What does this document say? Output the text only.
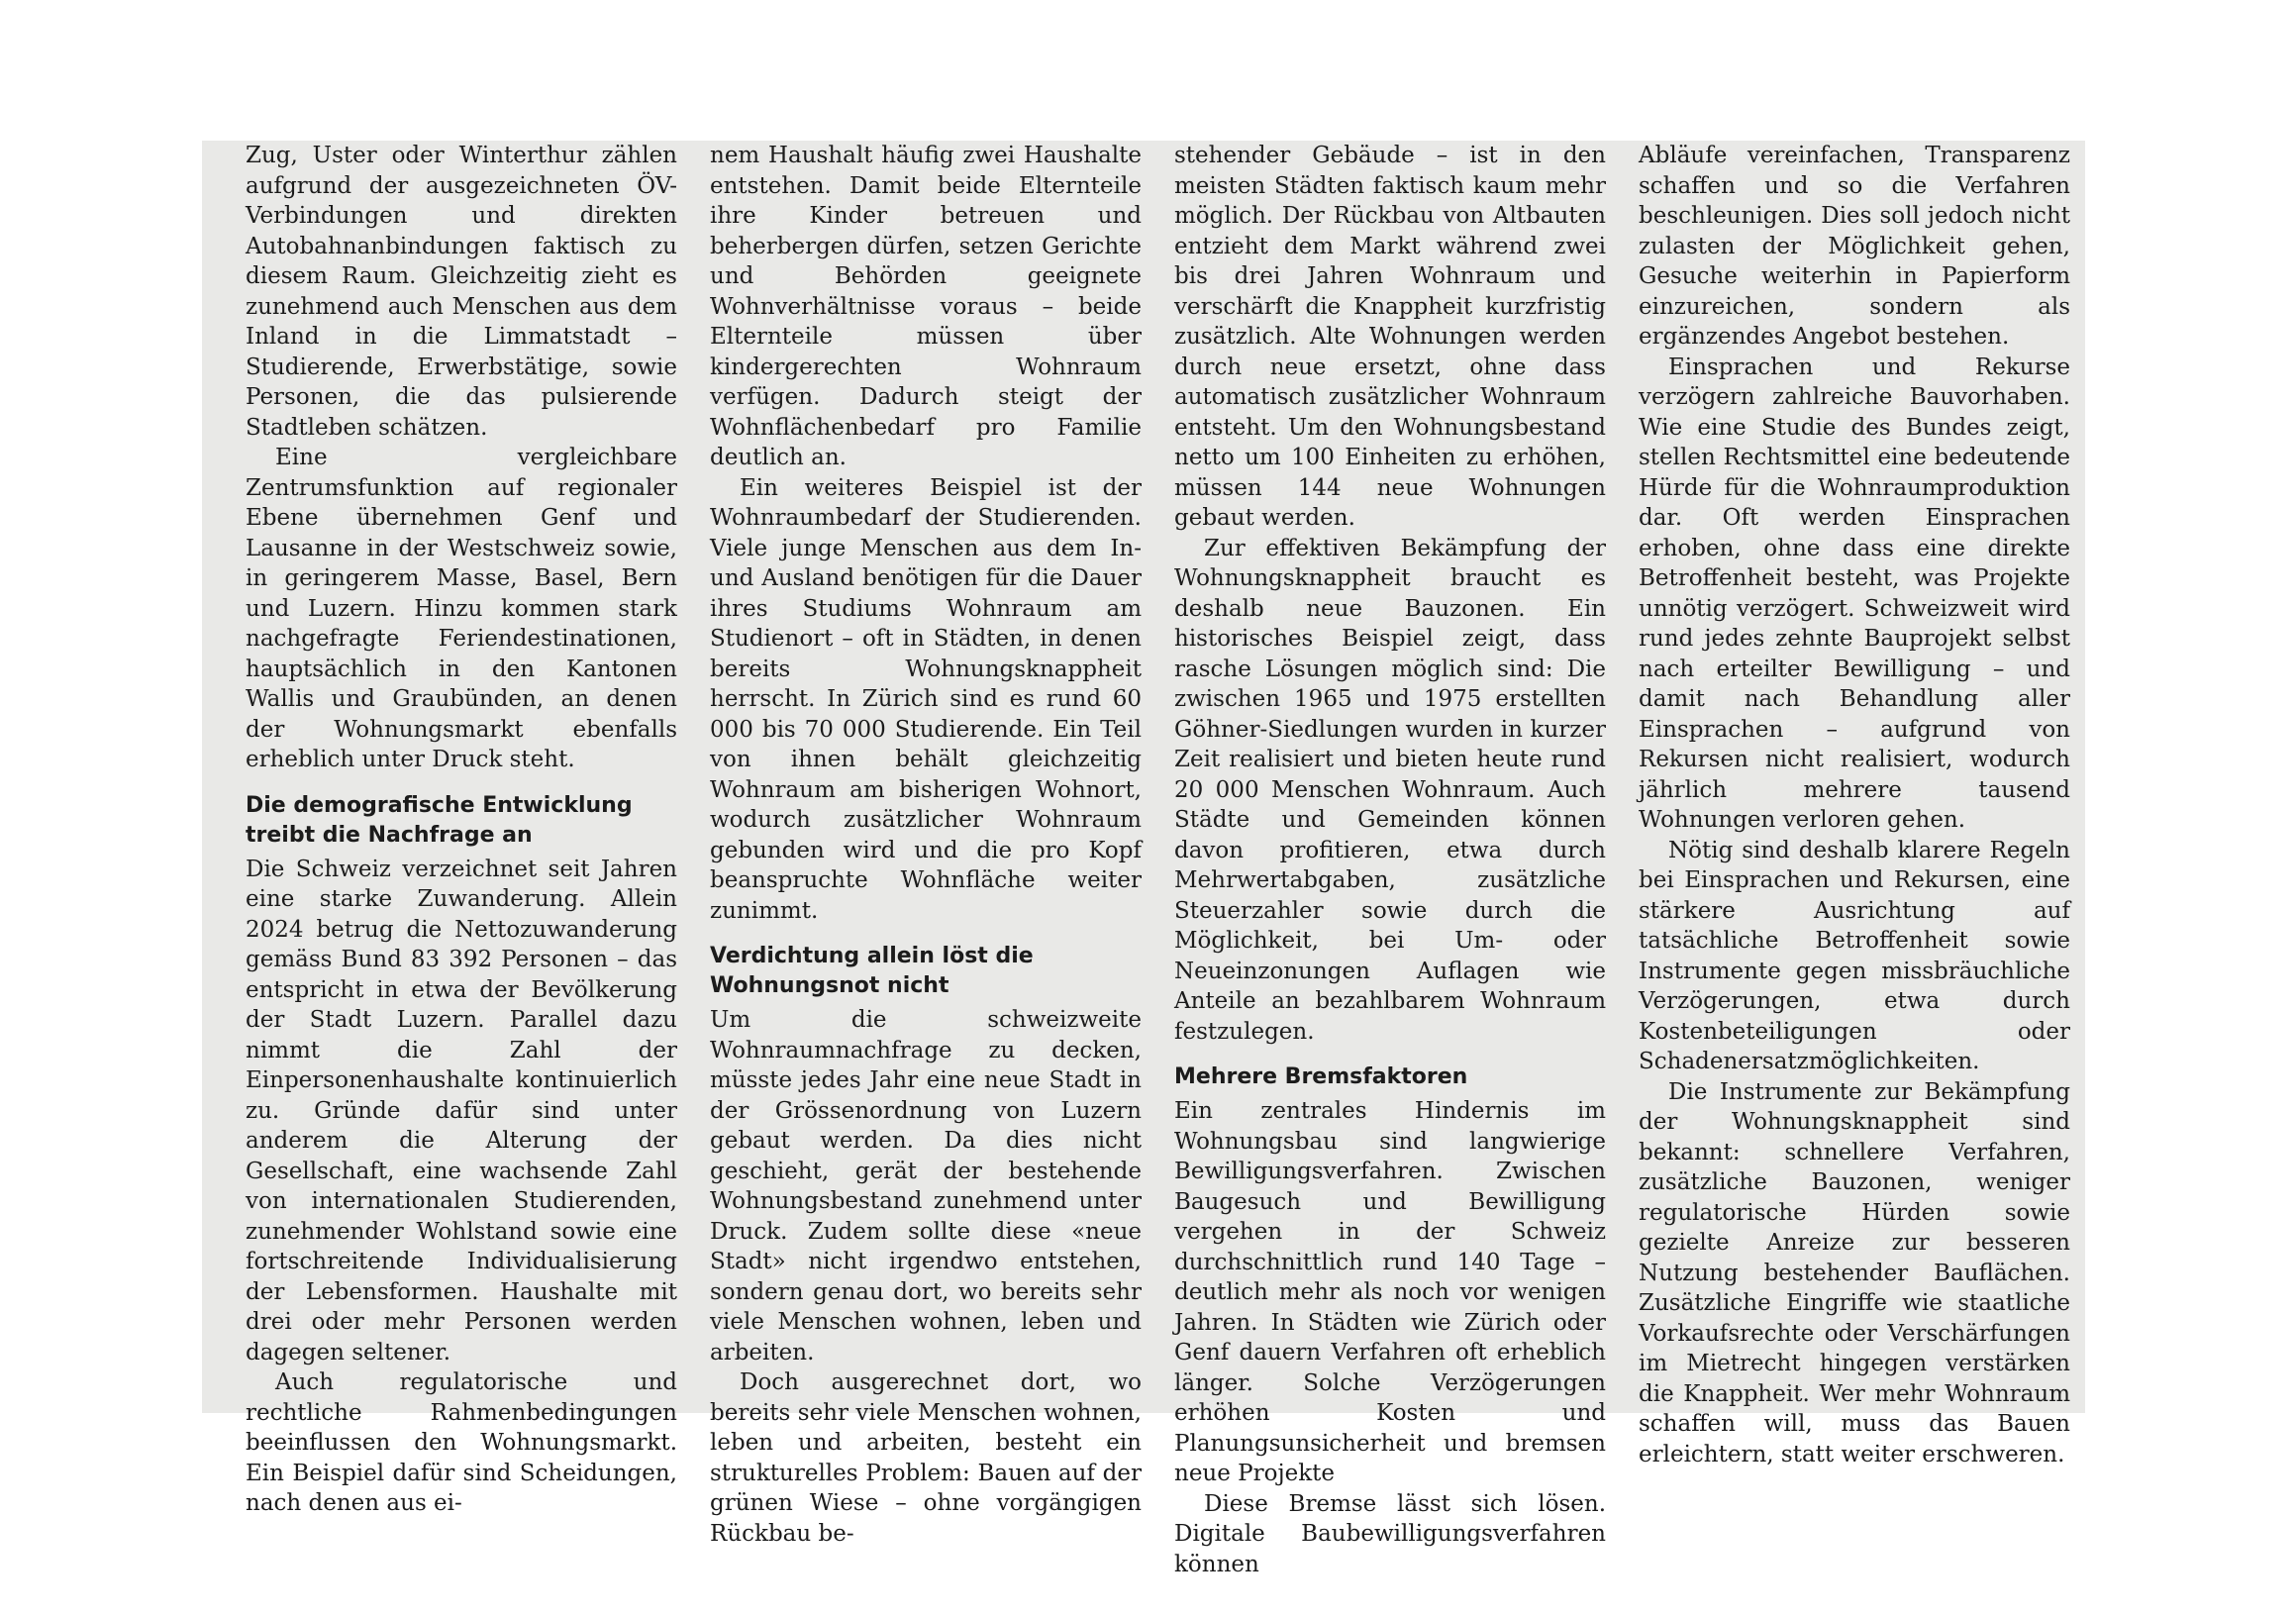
Zug, Uster oder Winterthur zählen aufgrund der ausgezeichneten ÖV-Verbindungen und direkten Autobahnanbindungen faktisch zu diesem Raum. Gleichzeitig zieht es zunehmend auch Menschen aus dem Inland in die Limmatstadt – Studierende, Erwerbstätige, sowie Personen, die das pulsierende Stadtleben schätzen.

Eine vergleichbare Zentrumsfunktion auf regionaler Ebene übernehmen Genf und Lausanne in der Westschweiz sowie, in geringerem Masse, Basel, Bern und Luzern. Hinzu kommen stark nachgefragte Feriendestinationen, hauptsächlich in den Kantonen Wallis und Graubünden, an denen der Wohnungsmarkt ebenfalls erheblich unter Druck steht.

Die demografische Entwicklung treibt die Nachfrage an

Die Schweiz verzeichnet seit Jahren eine starke Zuwanderung. Allein 2024 betrug die Nettozuwanderung gemäss Bund 83 392 Personen – das entspricht in etwa der Bevölkerung der Stadt Luzern. Parallel dazu nimmt die Zahl der Einpersonenhaushalte kontinuierlich zu. Gründe dafür sind unter anderem die Alterung der Gesellschaft, eine wachsende Zahl von internationalen Studierenden, zunehmender Wohlstand sowie eine fortschreitende Individualisierung der Lebensformen. Haushalte mit drei oder mehr Personen werden dagegen seltener.

Auch regulatorische und rechtliche Rahmenbedingungen beeinflussen den Wohnungsmarkt. Ein Beispiel dafür sind Scheidungen, nach denen aus ei-

nem Haushalt häufig zwei Haushalte entstehen. Damit beide Elternteile ihre Kinder betreuen und beherbergen dürfen, setzen Gerichte und Behörden geeignete Wohnverhältnisse voraus – beide Elternteile müssen über kindergerechten Wohnraum verfügen. Dadurch steigt der Wohnflächenbedarf pro Familie deutlich an.

Ein weiteres Beispiel ist der Wohnraumbedarf der Studierenden. Viele junge Menschen aus dem In- und Ausland benötigen für die Dauer ihres Studiums Wohnraum am Studienort – oft in Städten, in denen bereits Wohnungsknappheit herrscht. In Zürich sind es rund 60 000 bis 70 000 Studierende. Ein Teil von ihnen behält gleichzeitig Wohnraum am bisherigen Wohnort, wodurch zusätzlicher Wohnraum gebunden wird und die pro Kopf beanspruchte Wohnfläche weiter zunimmt.

Verdichtung allein löst die Wohnungsnot nicht

Um die schweizweite Wohnraumnachfrage zu decken, müsste jedes Jahr eine neue Stadt in der Grössenordnung von Luzern gebaut werden. Da dies nicht geschieht, gerät der bestehende Wohnungsbestand zunehmend unter Druck. Zudem sollte diese «neue Stadt» nicht irgendwo entstehen, sondern genau dort, wo bereits sehr viele Menschen wohnen, leben und arbeiten.

Doch ausgerechnet dort, wo bereits sehr viele Menschen wohnen, leben und arbeiten, besteht ein strukturelles Problem: Bauen auf der grünen Wiese – ohne vorgängigen Rückbau be-

stehender Gebäude – ist in den meisten Städten faktisch kaum mehr möglich. Der Rückbau von Altbauten entzieht dem Markt während zwei bis drei Jahren Wohnraum und verschärft die Knappheit kurzfristig zusätzlich. Alte Wohnungen werden durch neue ersetzt, ohne dass automatisch zusätzlicher Wohnraum entsteht. Um den Wohnungsbestand netto um 100 Einheiten zu erhöhen, müssen 144 neue Wohnungen gebaut werden.

Zur effektiven Bekämpfung der Wohnungsknappheit braucht es deshalb neue Bauzonen. Ein historisches Beispiel zeigt, dass rasche Lösungen möglich sind: Die zwischen 1965 und 1975 erstellten Göhner-Siedlungen wurden in kurzer Zeit realisiert und bieten heute rund 20 000 Menschen Wohnraum. Auch Städte und Gemeinden können davon profitieren, etwa durch Mehrwertabgaben, zusätzliche Steuerzahler sowie durch die Möglichkeit, bei Um- oder Neueinzonungen Auflagen wie Anteile an bezahlbarem Wohnraum festzulegen.

Mehrere Bremsfaktoren

Ein zentrales Hindernis im Wohnungsbau sind langwierige Bewilligungsverfahren. Zwischen Baugesuch und Bewilligung vergehen in der Schweiz durchschnittlich rund 140 Tage – deutlich mehr als noch vor wenigen Jahren. In Städten wie Zürich oder Genf dauern Verfahren oft erheblich länger. Solche Verzögerungen erhöhen Kosten und Planungsunsicherheit und bremsen neue Projekte

Diese Bremse lässt sich lösen. Digitale Baubewilligungsverfahren können

Abläufe vereinfachen, Transparenz schaffen und so die Verfahren beschleunigen. Dies soll jedoch nicht zulasten der Möglichkeit gehen, Gesuche weiterhin in Papierform einzureichen, sondern als ergänzendes Angebot bestehen.

Einsprachen und Rekurse verzögern zahlreiche Bauvorhaben. Wie eine Studie des Bundes zeigt, stellen Rechtsmittel eine bedeutende Hürde für die Wohnraumproduktion dar. Oft werden Einsprachen erhoben, ohne dass eine direkte Betroffenheit besteht, was Projekte unnötig verzögert. Schweizweit wird rund jedes zehnte Bauprojekt selbst nach erteilter Bewilligung – und damit nach Behandlung aller Einsprachen – aufgrund von Rekursen nicht realisiert, wodurch jährlich mehrere tausend Wohnungen verloren gehen.

Nötig sind deshalb klarere Regeln bei Einsprachen und Rekursen, eine stärkere Ausrichtung auf tatsächliche Betroffenheit sowie Instrumente gegen missbräuchliche Verzögerungen, etwa durch Kostenbeteiligungen oder Schadenersatzmöglichkeiten.

Die Instrumente zur Bekämpfung der Wohnungsknappheit sind bekannt: schnellere Verfahren, zusätzliche Bauzonen, weniger regulatorische Hürden sowie gezielte Anreize zur besseren Nutzung bestehender Bauflächen. Zusätzliche Eingriffe wie staatliche Vorkaufsrechte oder Verschärfungen im Mietrecht hingegen verstärken die Knappheit. Wer mehr Wohnraum schaffen will, muss das Bauen erleichtern, statt weiter erschweren.
